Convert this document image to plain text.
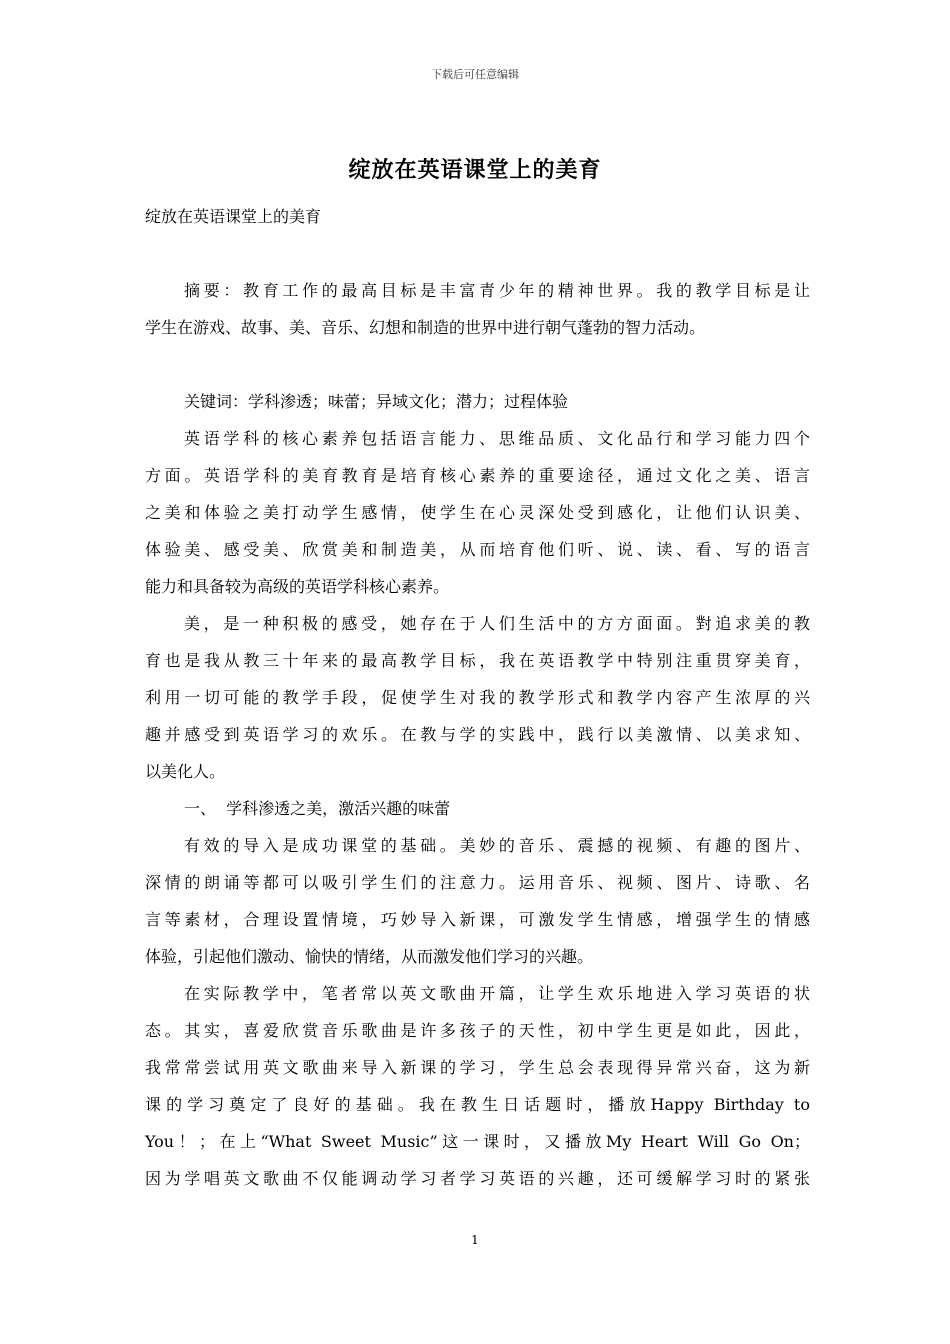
下载后可任意编辑
绽放在英语课堂上的美育
绽放在英语课堂上的美育
摘要：教育工作的最高目标是丰富青少年的精神世界。我的教学目标是让
学生在游戏、故事、美、音乐、幻想和制造的世界中进行朝气蓬勃的智力活动。
关键词：学科渗透；味蕾；异域文化；潜力；过程体验
英语学科的核心素养包括语言能力、思维品质、文化品行和学习能力四个
方面。英语学科的美育教育是培育核心素养的重要途径，通过文化之美、语言
之美和体验之美打动学生感情，使学生在心灵深处受到感化，让他们认识美、
体验美、感受美、欣赏美和制造美，从而培育他们听、说、读、看、写的语言
能力和具备较为高级的英语学科核心素养。
美，是一种积极的感受，她存在于人们生活中的方方面面。對追求美的教
育也是我从教三十年来的最高教学目标，我在英语教学中特别注重贯穿美育，
利用一切可能的教学手段，促使学生对我的教学形式和教学内容产生浓厚的兴
趣并感受到英语学习的欢乐。在教与学的实践中，践行以美激情、以美求知、
以美化人。
一、  学科渗透之美，激活兴趣的味蕾
有效的导入是成功课堂的基础。美妙的音乐、震撼的视频、有趣的图片、
深情的朗诵等都可以吸引学生们的注意力。运用音乐、视频、图片、诗歌、名
言等素材，合理设置情境，巧妙导入新课，可激发学生情感，增强学生的情感
体验，引起他们激动、愉快的情绪，从而激发他们学习的兴趣。
在实际教学中，笔者常以英文歌曲开篇，让学生欢乐地进入学习英语的状
态。其实，喜爱欣赏音乐歌曲是许多孩子的天性，初中学生更是如此，因此，
我常常尝试用英文歌曲来导入新课的学习，学生总会表现得异常兴奋，这为新
课的学习奠定了良好的基础。我在教生日话题时，播放Happy Birthday to
You！；在上“What Sweet Music”这一课时，又播放My Heart Will Go On；
因为学唱英文歌曲不仅能调动学习者学习英语的兴趣，还可缓解学习时的紧张
1
